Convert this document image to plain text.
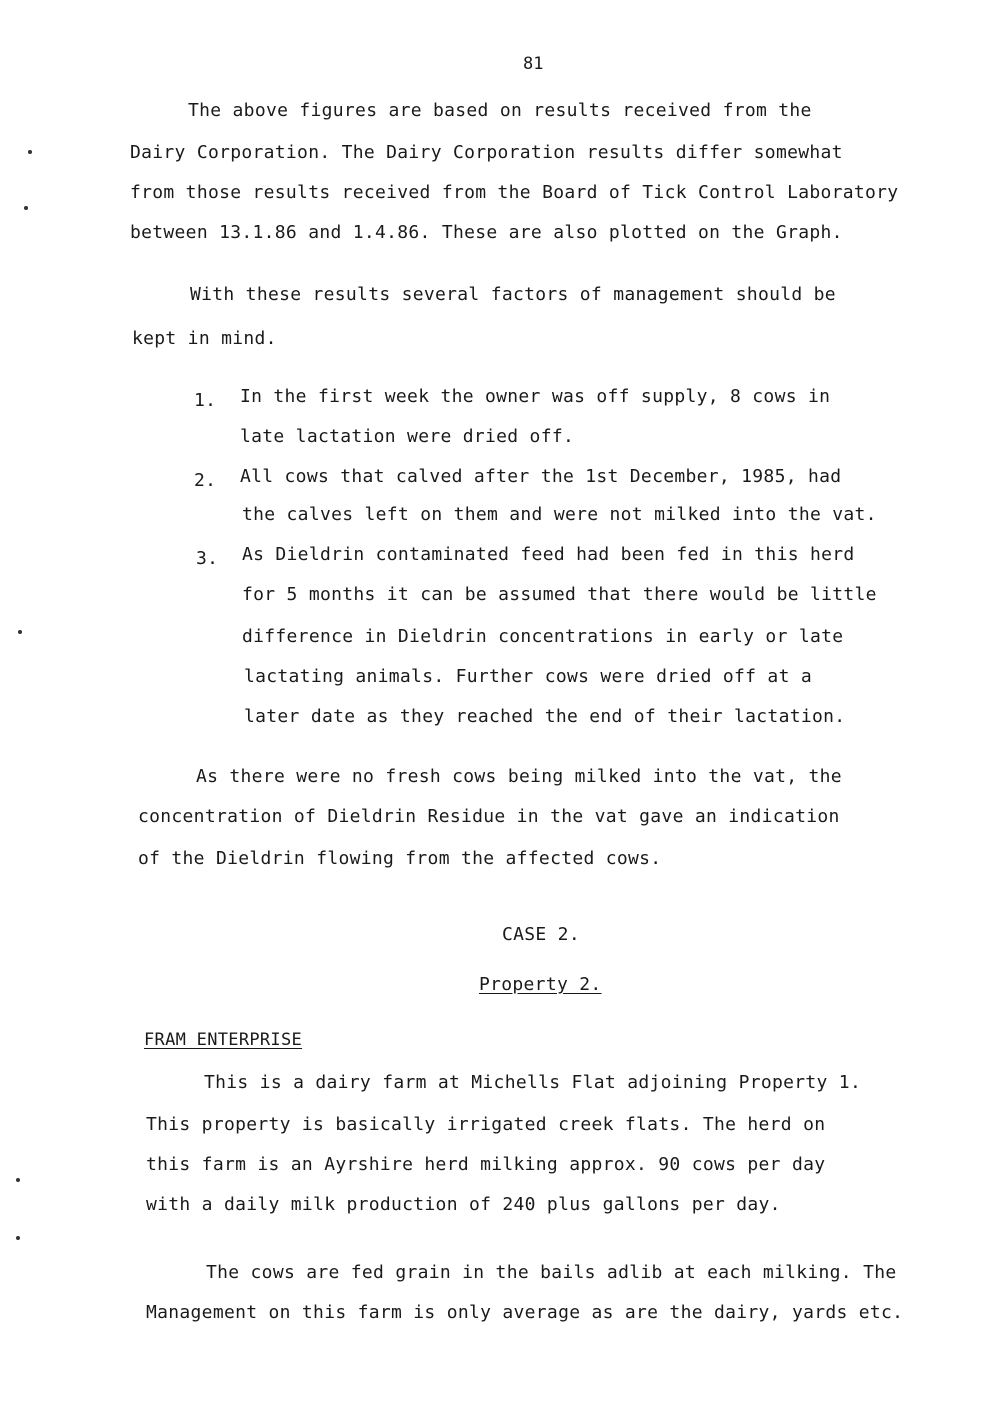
81
The above figures are based on results received from the
Dairy Corporation. The Dairy Corporation results differ somewhat
from those results received from the Board of Tick Control Laboratory
between 13.1.86 and 1.4.86. These are also plotted on the Graph.
With these results several factors of management should be
kept in mind.
1. In the first week the owner was off supply, 8 cows in
late lactation were dried off.
2. All cows that calved after the 1st December, 1985, had
the calves left on them and were not milked into the vat.
3. As Dieldrin contaminated feed had been fed in this herd
for 5 months it can be assumed that there would be little
difference in Dieldrin concentrations in early or late
lactating animals. Further cows were dried off at a
later date as they reached the end of their lactation.
As there were no fresh cows being milked into the vat, the
concentration of Dieldrin Residue in the vat gave an indication
of the Dieldrin flowing from the affected cows.
CASE 2.
Property 2.
FRAM ENTERPRISE
This is a dairy farm at Michells Flat adjoining Property 1.
This property is basically irrigated creek flats. The herd on
this farm is an Ayrshire herd milking approx. 90 cows per day
with a daily milk production of 240 plus gallons per day.
The cows are fed grain in the bails adlib at each milking. The
Management on this farm is only average as are the dairy, yards etc.
